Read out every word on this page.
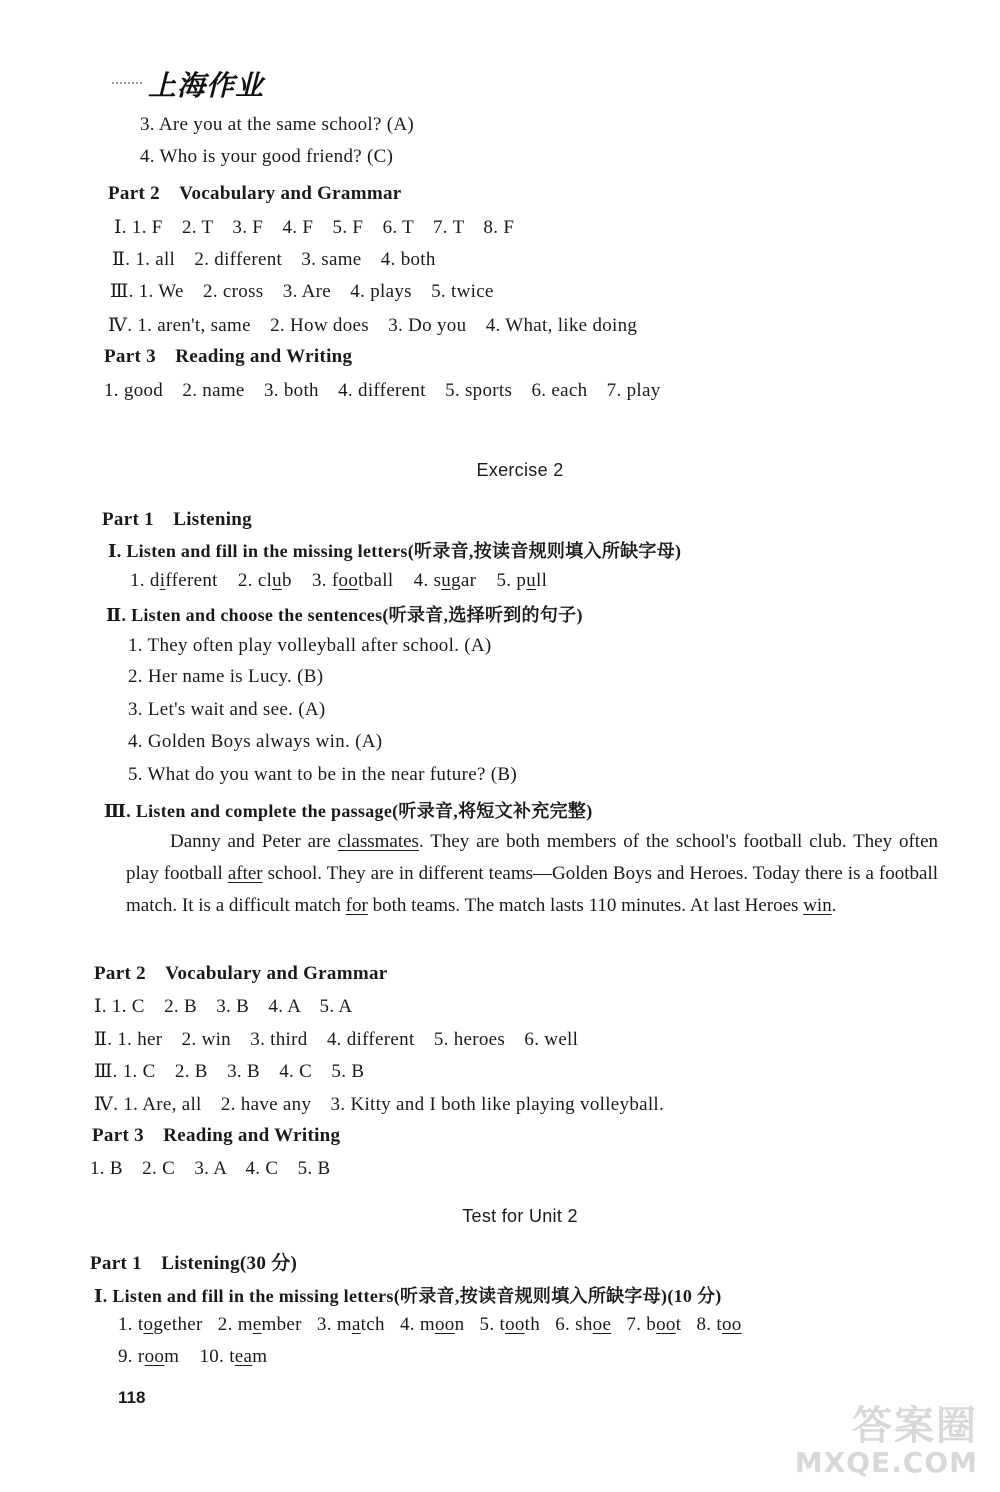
上海作业
3. Are you at the same school? (A)
4. Who is your good friend? (C)
Part 2　Vocabulary and Grammar
Ⅰ. 1. F　2. T　3. F　4. F　5. F　6. T　7. T　8. F
Ⅱ. 1. all　2. different　3. same　4. both
Ⅲ. 1. We　2. cross　3. Are　4. plays　5. twice
Ⅳ. 1. aren't, same　2. How does　3. Do you　4. What, like doing
Part 3　Reading and Writing
1. good　2. name　3. both　4. different　5. sports　6. each　7. play
Exercise 2
Part 1　Listening
Ⅰ. Listen and fill in the missing letters(听录音,按读音规则填入所缺字母)
1. different 2. club 3. football 4. sugar 5. pull
Ⅱ. Listen and choose the sentences(听录音,选择听到的句子)
1. They often play volleyball after school. (A)
2. Her name is Lucy. (B)
3. Let's wait and see. (A)
4. Golden Boys always win. (A)
5. What do you want to be in the near future? (B)
Ⅲ. Listen and complete the passage(听录音,将短文补充完整)
Danny and Peter are classmates. They are both members of the school's football club. They often play football after school. They are in different teams—Golden Boys and Heroes. Today there is a football match. It is a difficult match for both teams. The match lasts 110 minutes. At last Heroes win.
Part 2　Vocabulary and Grammar
Ⅰ. 1. C　2. B　3. B　4. A　5. A
Ⅱ. 1. her　2. win　3. third　4. different　5. heroes　6. well
Ⅲ. 1. C　2. B　3. B　4. C　5. B
Ⅳ. 1. Are, all　2. have any　3. Kitty and I both like playing volleyball.
Part 3　Reading and Writing
1. B　2. C　3. A　4. C　5. B
Test for Unit 2
Part 1　Listening(30 分)
Ⅰ. Listen and fill in the missing letters(听录音,按读音规则填入所缺字母)(10 分)
1. together 2. member 3. match 4. moon 5. tooth 6. shoe 7. boot 8. too
9. room 10. team
118
答案圈
MXQE.COM
